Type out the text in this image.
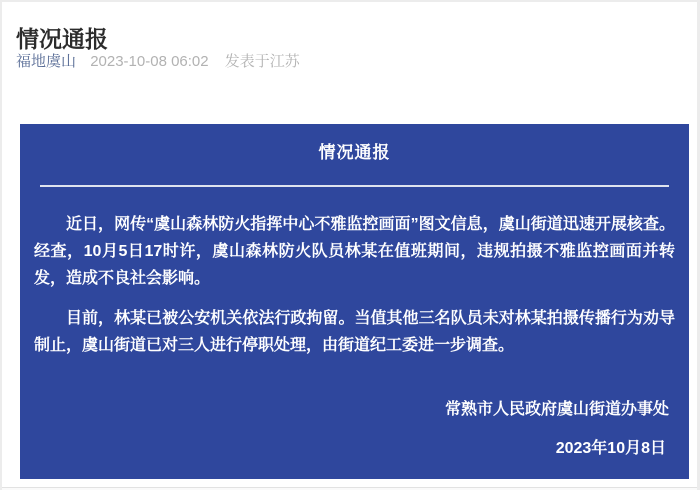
情况通报
福地虞山 2023-10-08 06:02 发表于江苏
情况通报

近日，网传“虞山森林防火指挥中心不雅监控画面”图文信息，虞山街道迅速开展核查。经查，10月5日17时许，虞山森林防火队员林某在值班期间，违规拍摄不雅监控画面并转发，造成不良社会影响。

目前，林某已被公安机关依法行政拘留。当值其他三名队员未对林某拍摄传播行为劝导制止，虞山街道已对三人进行停职处理，由街道纪工委进一步调查。

常熟市人民政府虞山街道办事处
2023年10月8日
